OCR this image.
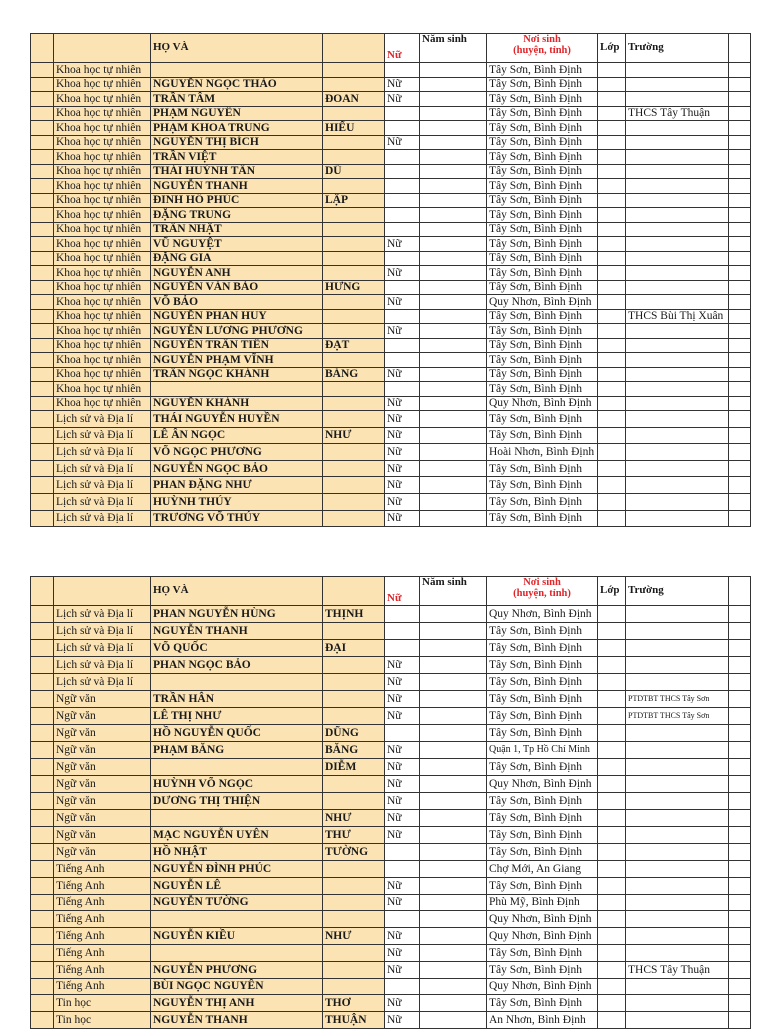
		HỌ VÀ		Nữ	Năm sinh	Nơi sinh
(huyện, tỉnh)	Lớp	Trường	
	Khoa học tự nhiên					Tây Sơn, Bình Định			
	Khoa học tự nhiên	NGUYỄN NGỌC THẢO		Nữ		Tây Sơn, Bình Định			
	Khoa học tự nhiên	TRẦN TÂM	ĐOAN	Nữ		Tây Sơn, Bình Định			
	Khoa học tự nhiên	PHẠM NGUYÊN				Tây Sơn, Bình Định		THCS Tây Thuận	
	Khoa học tự nhiên	PHẠM KHOA TRUNG	HIẾU			Tây Sơn, Bình Định			
	Khoa học tự nhiên	NGUYỄN THỊ BÍCH		Nữ		Tây Sơn, Bình Định			
	Khoa học tự nhiên	TRẦN VIỆT				Tây Sơn, Bình Định			
	Khoa học tự nhiên	THÁI HUỲNH TẤN	DŨ			Tây Sơn, Bình Định			
	Khoa học tự nhiên	NGUYỄN THANH				Tây Sơn, Bình Định			
	Khoa học tự nhiên	ĐINH HỒ PHÚC	LẬP			Tây Sơn, Bình Định			
	Khoa học tự nhiên	ĐẶNG TRUNG				Tây Sơn, Bình Định			
	Khoa học tự nhiên	TRẦN NHẬT				Tây Sơn, Bình Định			
	Khoa học tự nhiên	VŨ NGUYỆT		Nữ		Tây Sơn, Bình Định			
	Khoa học tự nhiên	ĐẶNG GIA				Tây Sơn, Bình Định			
	Khoa học tự nhiên	NGUYỄN ANH		Nữ		Tây Sơn, Bình Định			
	Khoa học tự nhiên	NGUYỄN VĂN BẢO	HƯNG			Tây Sơn, Bình Định			
	Khoa học tự nhiên	VÕ BẢO		Nữ		Quy Nhơn, Bình Định			
	Khoa học tự nhiên	NGUYỄN PHAN HUY				Tây Sơn, Bình Định		THCS Bùi Thị Xuân	
	Khoa học tự nhiên	NGUYỄN LƯƠNG PHƯƠNG		Nữ		Tây Sơn, Bình Định			
	Khoa học tự nhiên	NGUYỄN TRẦN TIẾN	ĐẠT			Tây Sơn, Bình Định			
	Khoa học tự nhiên	NGUYỄN PHẠM VĨNH				Tây Sơn, Bình Định			
	Khoa học tự nhiên	TRẦN NGỌC KHÁNH	BĂNG	Nữ		Tây Sơn, Bình Định			
	Khoa học tự nhiên					Tây Sơn, Bình Định			
	Khoa học tự nhiên	NGUYỄN KHÁNH		Nữ		Quy Nhơn, Bình Định			
	Lịch sử và Địa lí	THÁI NGUYỄN HUYỀN		Nữ		Tây Sơn, Bình Định			
	Lịch sử và Địa lí	LÊ ÂN NGỌC	NHƯ	Nữ		Tây Sơn, Bình Định			
	Lịch sử và Địa lí	VÕ NGỌC PHƯƠNG		Nữ		Hoài Nhơn, Bình Định			
	Lịch sử và Địa lí	NGUYỄN NGỌC BẢO		Nữ		Tây Sơn, Bình Định			
	Lịch sử và Địa lí	PHAN ĐẶNG NHƯ		Nữ		Tây Sơn, Bình Định			
	Lịch sử và Địa lí	HUỲNH THÚY		Nữ		Tây Sơn, Bình Định			
	Lịch sử và Địa lí	TRƯƠNG VÕ THÚY		Nữ		Tây Sơn, Bình Định			
		HỌ VÀ		Nữ	Năm sinh	Nơi sinh
(huyện, tỉnh)	Lớp	Trường	
	Lịch sử và Địa lí	PHAN NGUYỄN HÙNG	THỊNH			Quy Nhơn, Bình Định			
	Lịch sử và Địa lí	NGUYỄN THANH				Tây Sơn, Bình Định			
	Lịch sử và Địa lí	VÕ QUỐC	ĐẠI			Tây Sơn, Bình Định			
	Lịch sử và Địa lí	PHAN NGỌC BẢO		Nữ		Tây Sơn, Bình Định			
	Lịch sử và Địa lí			Nữ		Tây Sơn, Bình Định			
	Ngữ văn	TRẦN HÂN		Nữ		Tây Sơn, Bình Định		PTDTBT THCS Tây Sơn	
	Ngữ văn	LÊ THỊ NHƯ		Nữ		Tây Sơn, Bình Định		PTDTBT THCS Tây Sơn	
	Ngữ văn	HỒ NGUYỄN QUỐC	DŨNG			Tây Sơn, Bình Định			
	Ngữ văn	PHẠM BĂNG	BĂNG	Nữ		Quận 1, Tp Hồ Chí Minh			
	Ngữ văn		DIỄM	Nữ		Tây Sơn, Bình Định			
	Ngữ văn	HUỲNH VÕ NGỌC		Nữ		Quy Nhơn, Bình Định			
	Ngữ văn	DƯƠNG THỊ THIỆN		Nữ		Tây Sơn, Bình Định			
	Ngữ văn		NHƯ	Nữ		Tây Sơn, Bình Định			
	Ngữ văn	MẠC NGUYỄN UYÊN	THƯ	Nữ		Tây Sơn, Bình Định			
	Ngữ văn	HỒ NHẬT	TƯỜNG			Tây Sơn, Bình Định			
	Tiếng Anh	NGUYỄN ĐÌNH PHÚC				Chợ Mới, An Giang			
	Tiếng Anh	NGUYỄN LÊ		Nữ		Tây Sơn, Bình Định			
	Tiếng Anh	NGUYỄN TƯỜNG		Nữ		Phù Mỹ, Bình Định			
	Tiếng Anh					Quy Nhơn, Bình Định			
	Tiếng Anh	NGUYỄN KIỀU	NHƯ	Nữ		Quy Nhơn, Bình Định			
	Tiếng Anh			Nữ		Tây Sơn, Bình Định			
	Tiếng Anh	NGUYỄN PHƯƠNG		Nữ		Tây Sơn, Bình Định		THCS Tây Thuận	
	Tiếng Anh	BÙI NGỌC NGUYÊN				Quy Nhơn, Bình Định			
	Tin học	NGUYỄN THỊ ANH	THƠ	Nữ		Tây Sơn, Bình Định			
	Tin học	NGUYỄN THANH	THUẬN	Nữ		An Nhơn, Bình Định			
